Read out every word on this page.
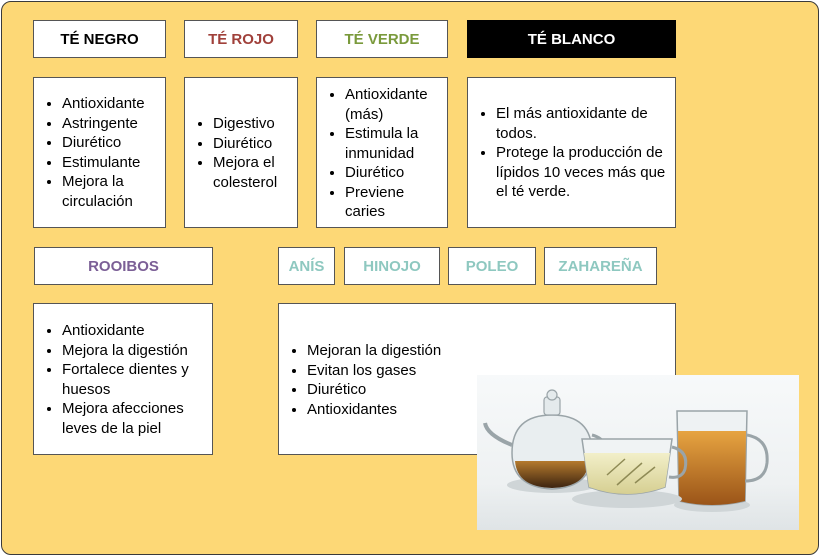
TÉ NEGRO	TÉ ROJO	TÉ VERDE	TÉ BLANCO
• Antioxidante
• Astringente
• Diurético
• Estimulante
• Mejora la circulación
• Digestivo
• Diurético
• Mejora el colesterol
• Antioxidante (más)
• Estimula la inmunidad
• Diurético
• Previene caries
• El más antioxidante de todos.
• Protege la producción de lípidos 10 veces más que el té verde.
ROOIBOS	ANÍS	HINOJO	POLEO	ZAHAREÑA
• Antioxidante
• Mejora la digestión
• Fortalece dientes y huesos
• Mejora afecciones leves de la piel
• Mejoran la digestión
• Evitan los gases
• Diurético
• Antioxidantes
